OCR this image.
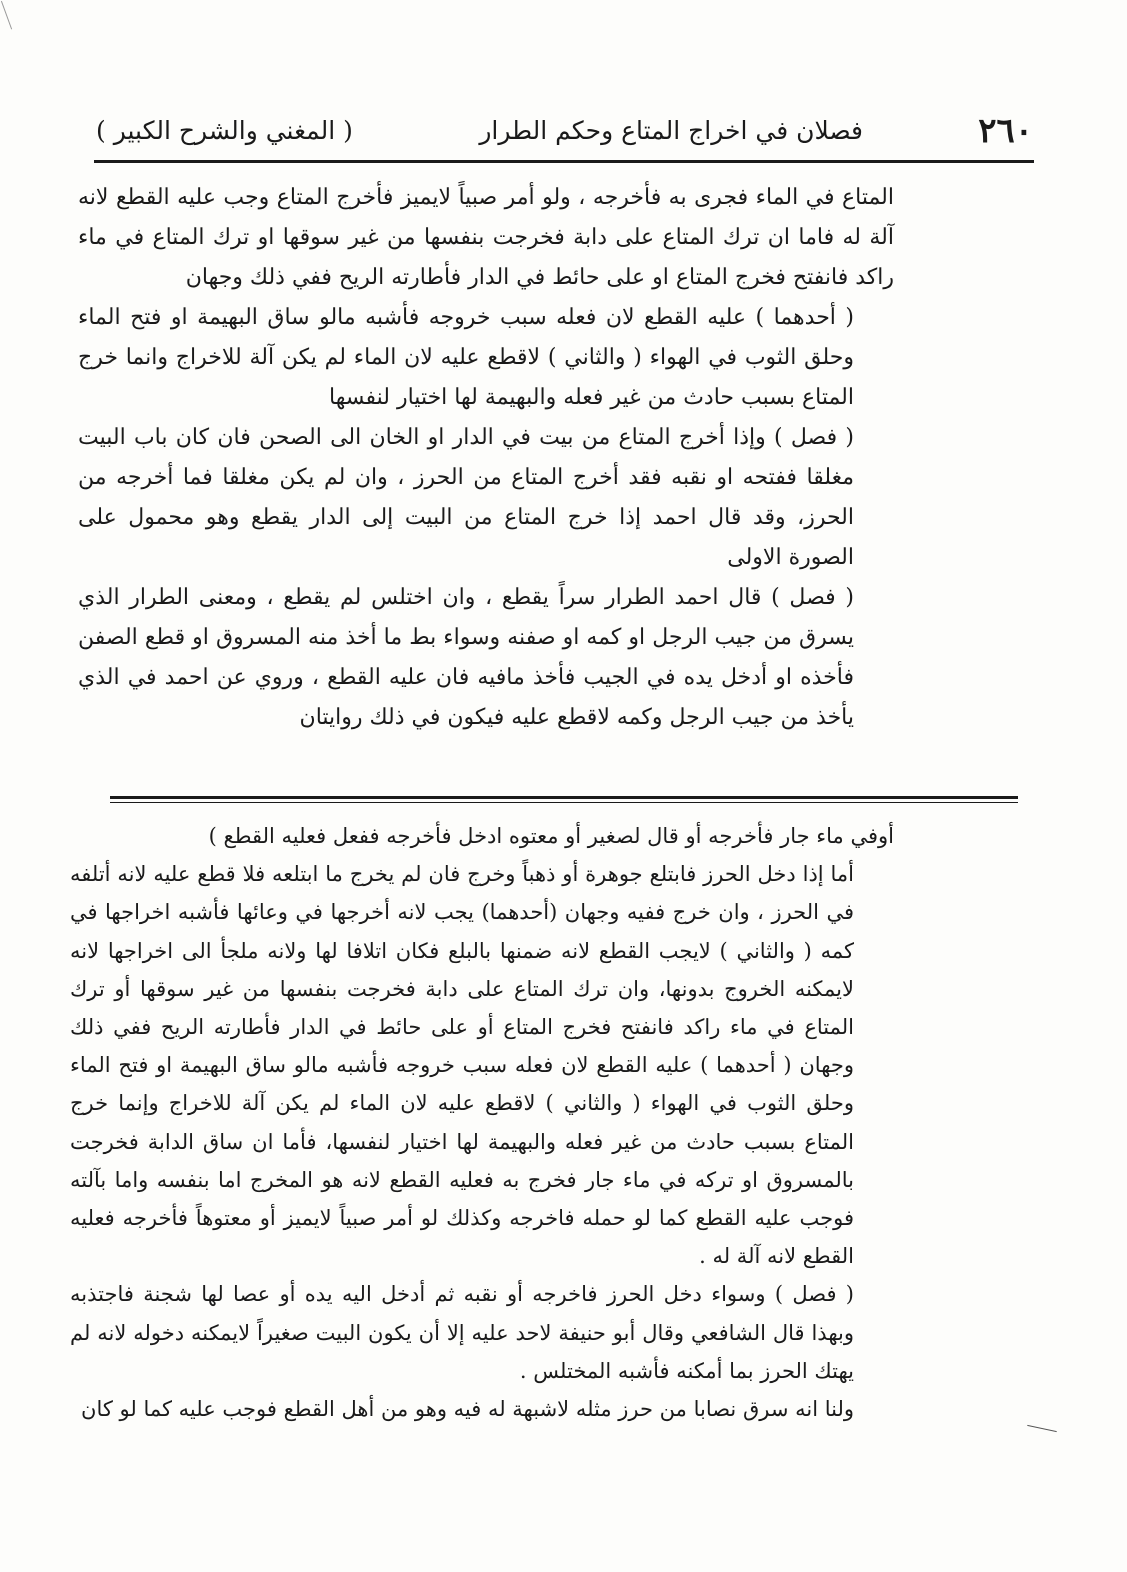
٢٦٠
فصلان في اخراج المتاع وحكم الطرار
( المغني والشرح الكبير )

المتاع في الماء فجرى به فأخرجه ، ولو أمر صبياً لايميز فأخرج المتاع وجب عليه القطع لانه آلة له فاما ان ترك المتاع على دابة فخرجت بنفسها من غير سوقها او ترك المتاع في ماء راكد فانفتح فخرج المتاع او على حائط في الدار فأطارته الريح ففي ذلك وجهان

( أحدهما ) عليه القطع لان فعله سبب خروجه فأشبه مالو ساق البهيمة او فتح الماء وحلق الثوب في الهواء ( والثاني ) لاقطع عليه لان الماء لم يكن آلة للاخراج وانما خرج المتاع بسبب حادث من غير فعله والبهيمة لها اختيار لنفسها

( فصل ) وإذا أخرج المتاع من بيت في الدار او الخان الى الصحن فان كان باب البيت مغلقا ففتحه او نقبه فقد أخرج المتاع من الحرز ، وان لم يكن مغلقا فما أخرجه من الحرز، وقد قال احمد إذا خرج المتاع من البيت إلى الدار يقطع وهو محمول على الصورة الاولى

( فصل ) قال احمد الطرار سراً يقطع ، وان اختلس لم يقطع ، ومعنى الطرار الذي يسرق من جيب الرجل او كمه او صفنه وسواء بط ما أخذ منه المسروق او قطع الصفن فأخذه او أدخل يده في الجيب فأخذ مافيه فان عليه القطع ، وروي عن احمد في الذي يأخذ من جيب الرجل وكمه لاقطع عليه فيكون في ذلك روايتان

أوفي ماء جار فأخرجه أو قال لصغير أو معتوه ادخل فأخرجه ففعل فعليه القطع )

أما إذا دخل الحرز فابتلع جوهرة أو ذهباً وخرج فان لم يخرج ما ابتلعه فلا قطع عليه لانه أتلفه في الحرز ، وان خرج ففيه وجهان (أحدهما) يجب لانه أخرجها في وعائها فأشبه اخراجها في كمه ( والثاني ) لايجب القطع لانه ضمنها بالبلع فكان اتلافا لها ولانه ملجأ الى اخراجها لانه لايمكنه الخروج بدونها، وان ترك المتاع على دابة فخرجت بنفسها من غير سوقها أو ترك المتاع في ماء راكد فانفتح فخرج المتاع أو على حائط في الدار فأطارته الريح ففي ذلك وجهان ( أحدهما ) عليه القطع لان فعله سبب خروجه فأشبه مالو ساق البهيمة او فتح الماء وحلق الثوب في الهواء ( والثاني ) لاقطع عليه لان الماء لم يكن آلة للاخراج وإنما خرج المتاع بسبب حادث من غير فعله والبهيمة لها اختيار لنفسها، فأما ان ساق الدابة فخرجت بالمسروق او تركه في ماء جار فخرج به فعليه القطع لانه هو المخرج اما بنفسه واما بآلته فوجب عليه القطع كما لو حمله فاخرجه وكذلك لو أمر صبياً لايميز أو معتوهاً فأخرجه فعليه القطع لانه آلة له .

( فصل ) وسواء دخل الحرز فاخرجه أو نقبه ثم أدخل اليه يده أو عصا لها شجنة فاجتذبه وبهذا قال الشافعي وقال أبو حنيفة لاحد عليه إلا أن يكون البيت صغيراً لايمكنه دخوله لانه لم يهتك الحرز بما أمكنه فأشبه المختلس .

ولنا انه سرق نصابا من حرز مثله لاشبهة له فيه وهو من أهل القطع فوجب عليه كما لو كان
